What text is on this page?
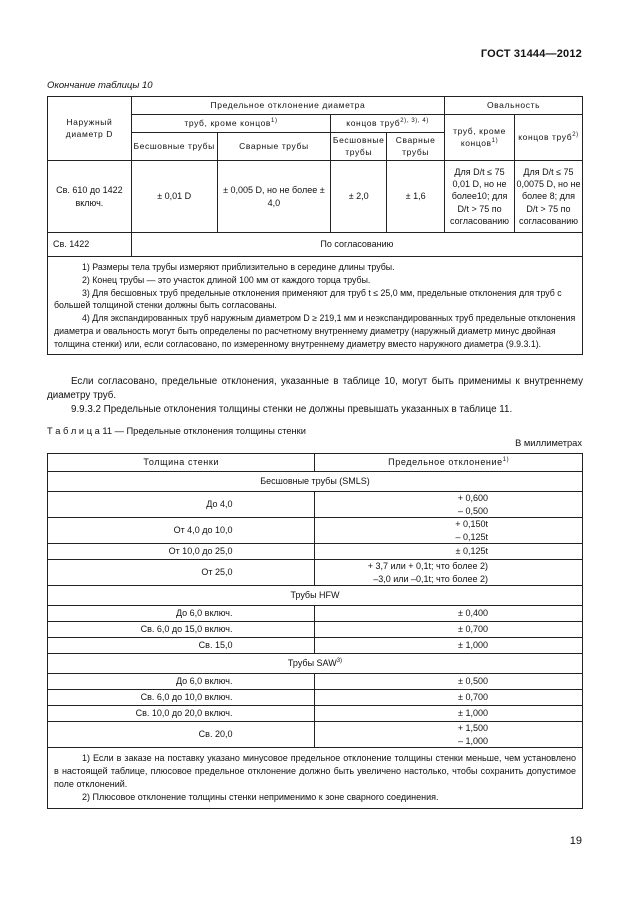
ГОСТ 31444—2012
Окончание таблицы 10
Наружный диаметр D	Предельное отклонение диаметра				Овальность	
	труб, кроме концов$^{1)}$		концов труб$^{2), 3), 4)}$		труб, кроме концов$^{1)}$	концов труб$^{2)}$
	Бесшовные трубы	Сварные трубы	Бесшовные трубы	Сварные трубы		
Св. 610 до 1422 включ.	± 0,01 D	± 0,005 D, но не более ± 4,0	± 2,0	± 1,6	Для D/t ≤ 75 0,01 D, но не более10; для D/t > 75 по согласованию	Для D/t ≤ 75 0,0075 D, но не более 8; для D/t > 75 по согласованию
Св. 1422	По согласованию					

1) Размеры тела трубы измеряют приблизительно в середине длины трубы.

2) Конец трубы — это участок длиной 100 мм от каждого торца трубы.

3) Для бесшовных труб предельные отклонения применяют для труб t ≤ 25,0 мм, предельные отклонения для труб с большей толщиной стенки должны быть согласованы.

4) Для экспандированных труб наружным диаметром D ≥ 219,1 мм и неэкспандированных труб предельные отклонения диаметра и овальность могут быть определены по расчетному внутреннему диаметру (наружный диаметр минус двойная толщина стенки) или, если согласовано, по измеренному внутреннему диаметру вместо наружного диаметра (9.9.3.1).						

Если согласовано, предельные отклонения, указанные в таблице 10, могут быть применимы к внутреннему диаметру труб.

9.9.3.2 Предельные отклонения толщины стенки не должны превышать указанных в таблице 11.

Т а б л и ц а 11 — Предельные отклонения толщины стенки
В миллиметрах
Толщина стенки	Предельное отклонение$^{1)}$
Бесшовные трубы (SMLS)	
До 4,0	+ 0,600
– 0,500

От 4,0 до 10,0	+ 0,150t
– 0,125t

От 10,0 до 25,0	± 0,125t

От 25,0	+ 3,7 или + 0,1t; что более 2)
–3,0 или –0,1t; что более 2)

Трубы HFW	
До 6,0 включ.	± 0,400

Св. 6,0 до 15,0 включ.	± 0,700

Св. 15,0	± 1,000

Трубы SAW$^{3)}$
До 6,0 включ.	± 0,500

Св. 6,0 до 10,0 включ.	± 0,700

Св. 10,0 до 20,0 включ.	± 1,000

Св. 20,0	+ 1,500
– 1,000

1) Если в заказе на поставку указано минусовое предельное отклонение толщины стенки меньше, чем установлено в настоящей таблице, плюсовое предельное отклонение должно быть увеличено настолько, чтобы сохранить допустимое поле отклонений.

2) Плюсовое отклонение толщины стенки неприменимо к зоне сварного соединения.	

19
